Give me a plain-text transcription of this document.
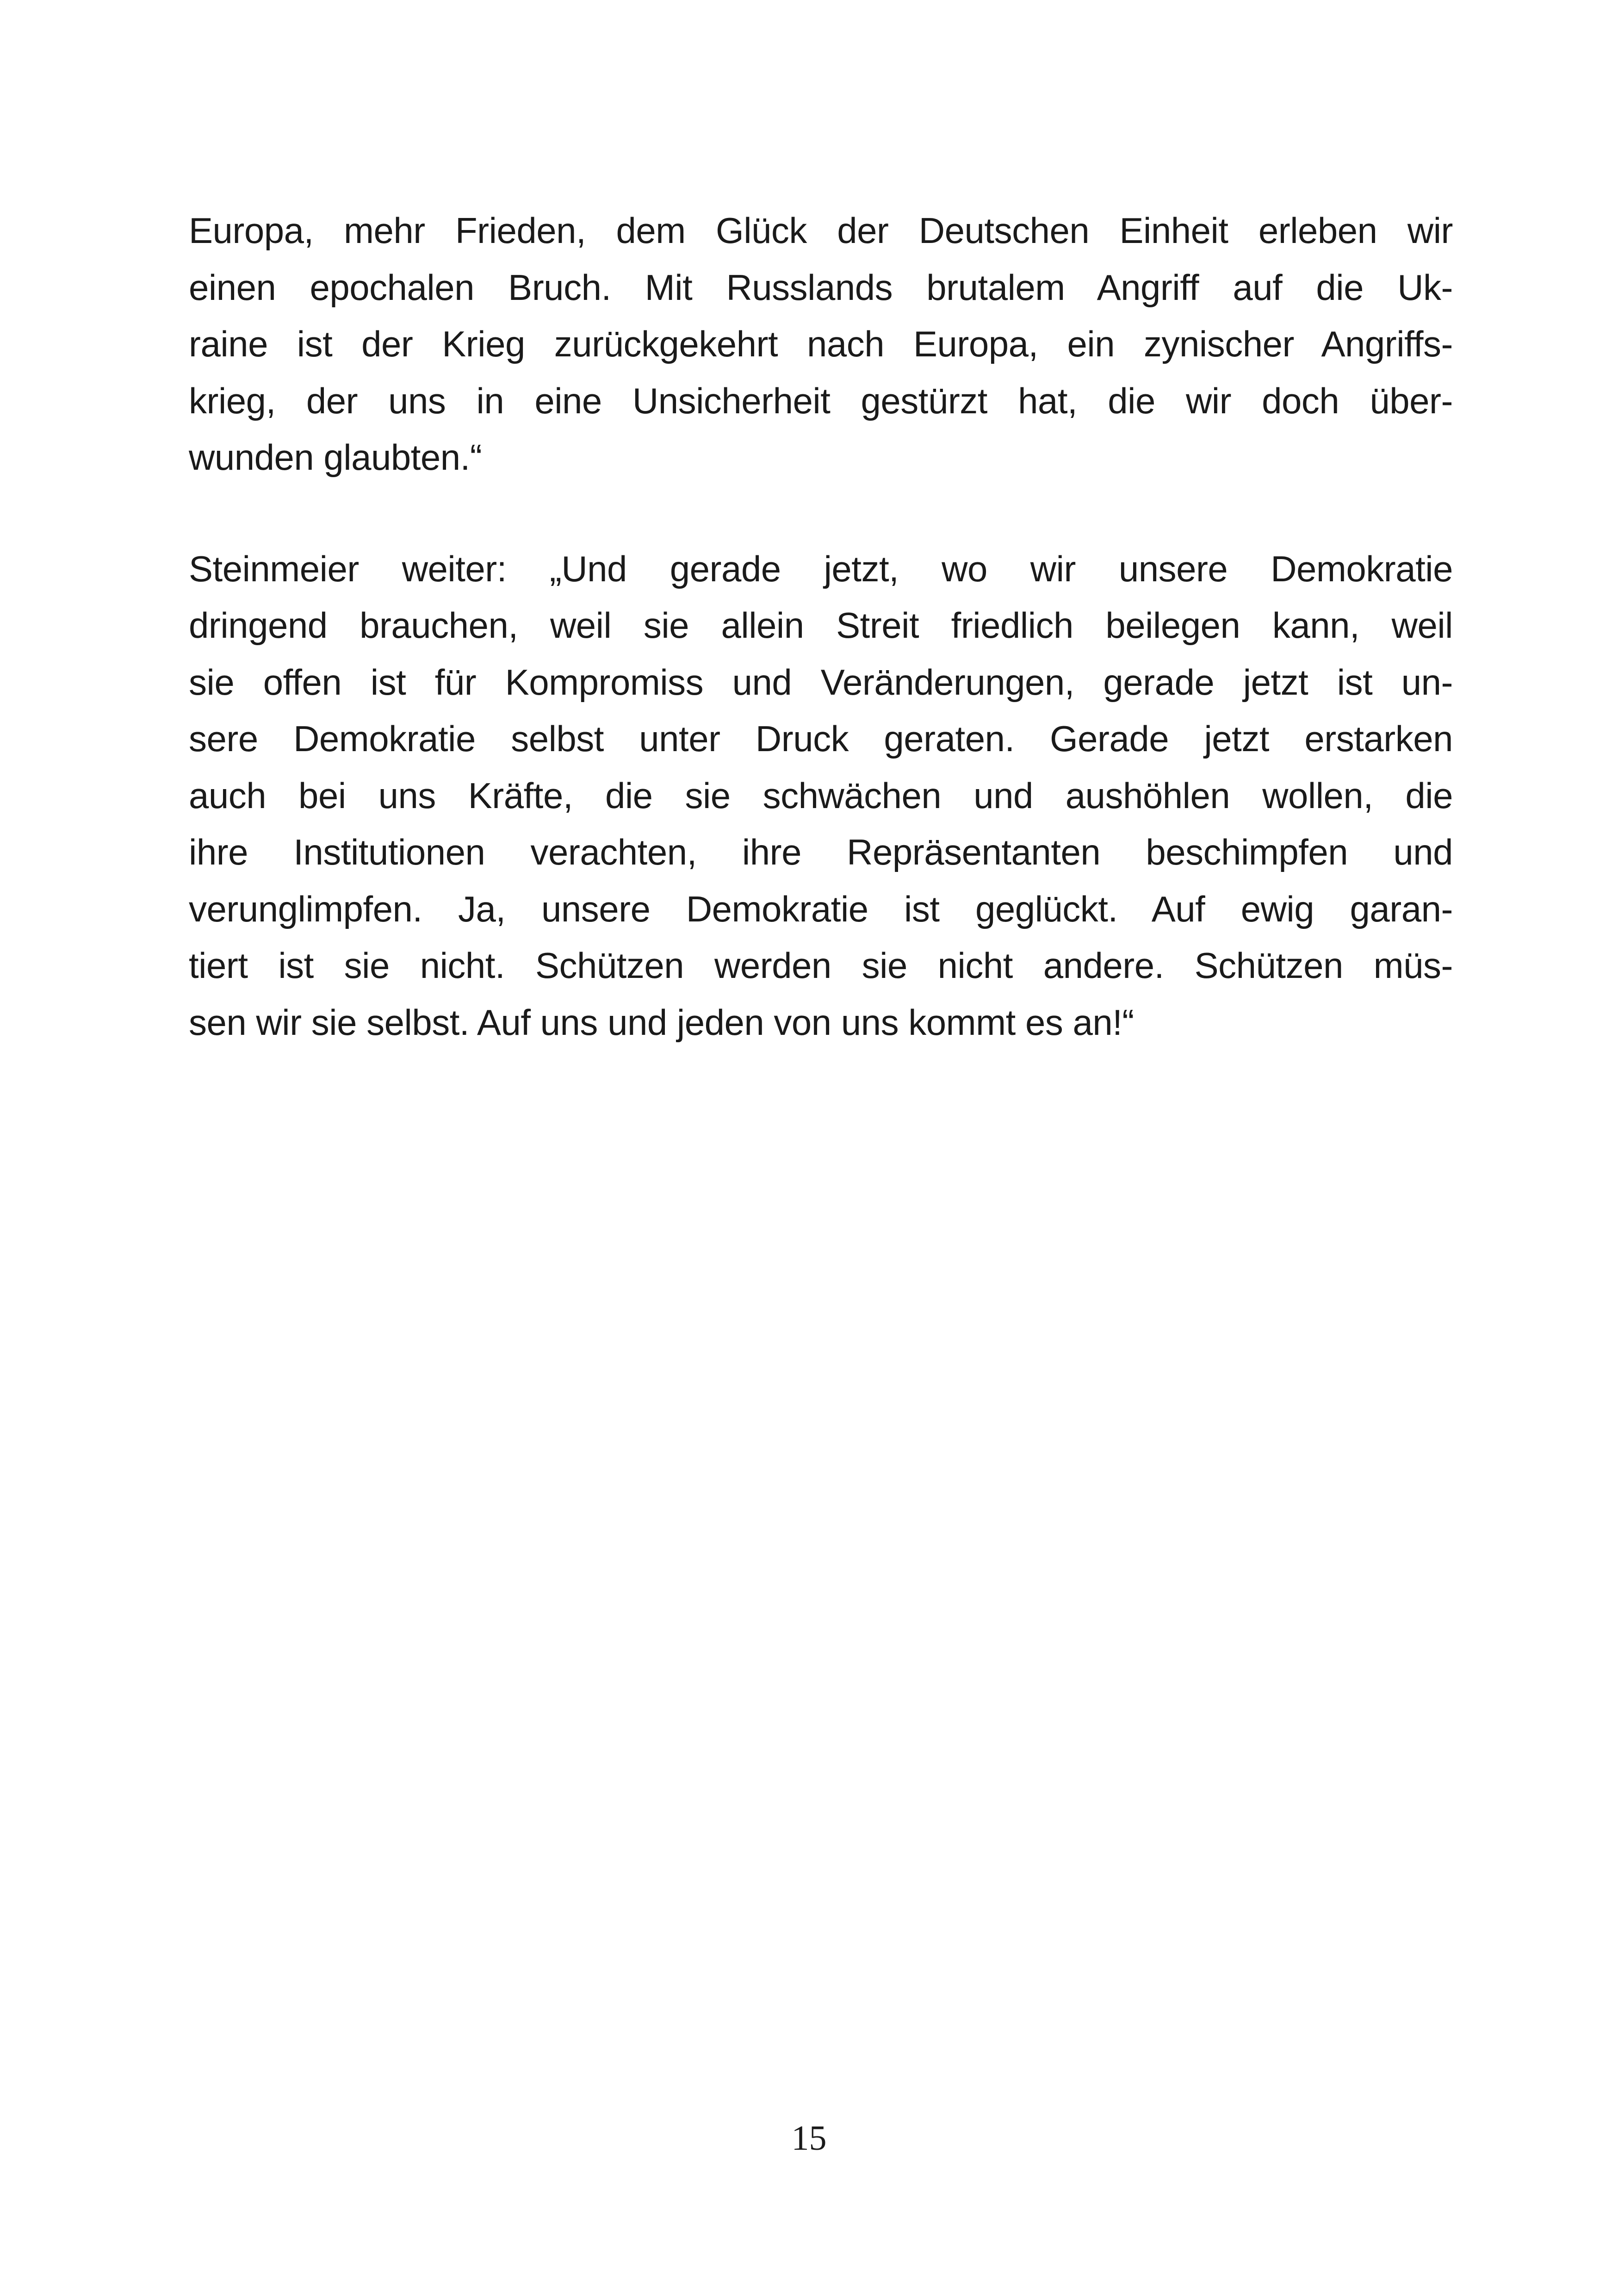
Europa, mehr Frieden, dem Glück der Deutschen Einheit erleben wir
einen epochalen Bruch. Mit Russlands brutalem Angriff auf die Uk-
raine ist der Krieg zurückgekehrt nach Europa, ein zynischer Angriffs-
krieg, der uns in eine Unsicherheit gestürzt hat, die wir doch über-
wunden glaubten.“

Steinmeier weiter: „Und gerade jetzt, wo wir unsere Demokratie
dringend brauchen, weil sie allein Streit friedlich beilegen kann, weil
sie offen ist für Kompromiss und Veränderungen, gerade jetzt ist un-
sere Demokratie selbst unter Druck geraten. Gerade jetzt erstarken
auch bei uns Kräfte, die sie schwächen und aushöhlen wollen, die
ihre Institutionen verachten, ihre Repräsentanten beschimpfen und
verunglimpfen. Ja, unsere Demokratie ist geglückt. Auf ewig garan-
tiert ist sie nicht. Schützen werden sie nicht andere. Schützen müs-
sen wir sie selbst. Auf uns und jeden von uns kommt es an!“

15
